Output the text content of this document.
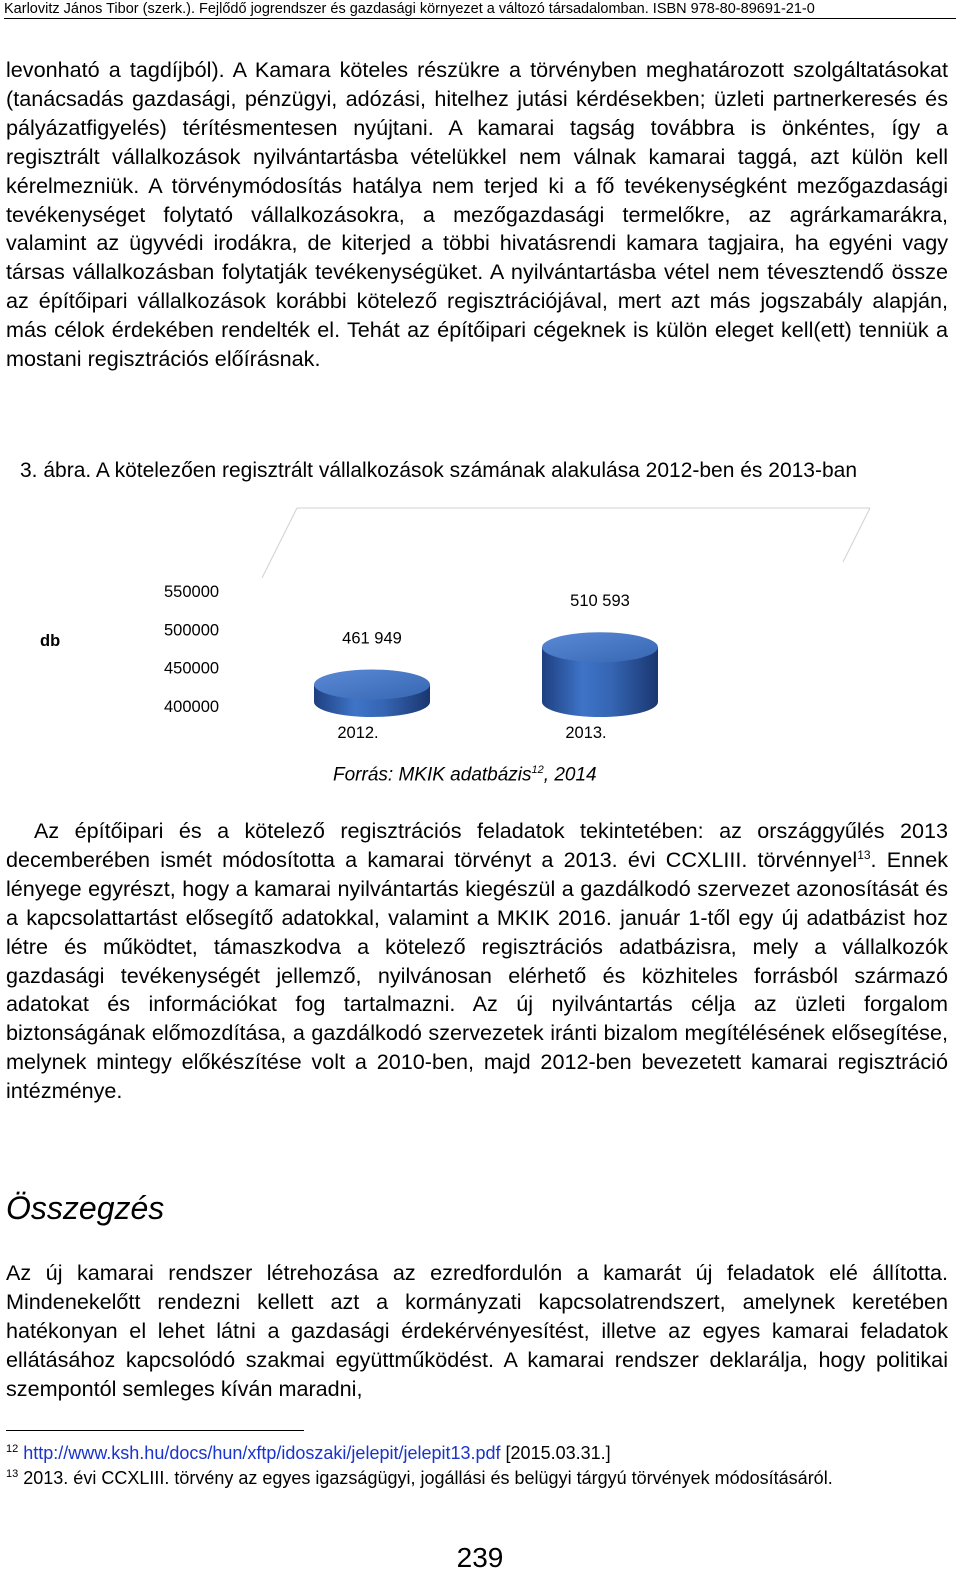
Karlovitz János Tibor (szerk.). Fejlődő jogrendszer és gazdasági környezet a változó társadalomban. ISBN 978-80-89691-21-0

levonható a tagdíjból). A Kamara köteles részükre a törvényben meghatározott szolgáltatásokat (tanácsadás gazdasági, pénzügyi, adózási, hitelhez jutási kérdésekben; üzleti partnerkeresés és pályázatfigyelés) térítésmentesen nyújtani. A kamarai tagság továbbra is önkéntes, így a regisztrált vállalkozások nyilvántartásba vételükkel nem válnak kamarai taggá, azt külön kell kérelmezniük. A törvénymódosítás hatálya nem terjed ki a fő tevékenységként mezőgazdasági tevékenységet folytató vállalkozásokra, a mezőgazdasági termelőkre, az agrárkamarákra, valamint az ügyvédi irodákra, de kiterjed a többi hivatásrendi kamara tagjaira, ha egyéni vagy társas vállalkozásban folytatják tevékenységüket. A nyilvántartásba vétel nem tévesztendő össze az építőipari vállalkozások korábbi kötelező regisztrációjával, mert azt más jogszabály alapján, más célok érdekében rendelték el. Tehát az építőipari cégeknek is külön eleget kell(ett) tenniük a mostani regisztrációs előírásnak.

3. ábra. A kötelezően regisztrált vállalkozások számának alakulása 2012-ben és 2013-ban
db
400000
450000
500000
550000
461 949
510 593
2012.	2013.
Forrás: MKIK adatbázis$^{12}$, 2014

Az építőipari és a kötelező regisztrációs feladatok tekintetében: az országgyűlés 2013 decemberében ismét módosította a kamarai törvényt a 2013. évi CCXLIII. törvénnyel$^{13}$. Ennek lényege egyrészt, hogy a kamarai nyilvántartás kiegészül a gazdálkodó szervezet azonosítását és a kapcsolattartást elősegítő adatokkal, valamint a MKIK 2016. január 1-től egy új adatbázist hoz létre és működtet, támaszkodva a kötelező regisztrációs adatbázisra, mely a vállalkozók gazdasági tevékenységét jellemző, nyilvánosan elérhető és közhiteles forrásból származó adatokat és információkat fog tartalmazni. Az új nyilvántartás célja az üzleti forgalom biztonságának előmozdítása, a gazdálkodó szervezetek iránti bizalom megítélésének elősegítése, melynek mintegy előkészítése volt a 2010-ben, majd 2012-ben bevezetett kamarai regisztráció intézménye.

Összegzés

Az új kamarai rendszer létrehozása az ezredfordulón a kamarát új feladatok elé állította. Mindenekelőtt rendezni kellett azt a kormányzati kapcsolatrendszert, amelynek keretében hatékonyan el lehet látni a gazdasági érdekérvényesítést, illetve az egyes kamarai feladatok ellátásához kapcsolódó szakmai együttműködést. A kamarai rendszer deklarálja, hogy politikai szempontól semleges kíván maradni,

$^{12}$ http://www.ksh.hu/docs/hun/xftp/idoszaki/jelepit/jelepit13.pdf [2015.03.31.]
$^{13}$ 2013. évi CCXLIII. törvény az egyes igazságügyi, jogállási és belügyi tárgyú törvények módosításáról.
239
